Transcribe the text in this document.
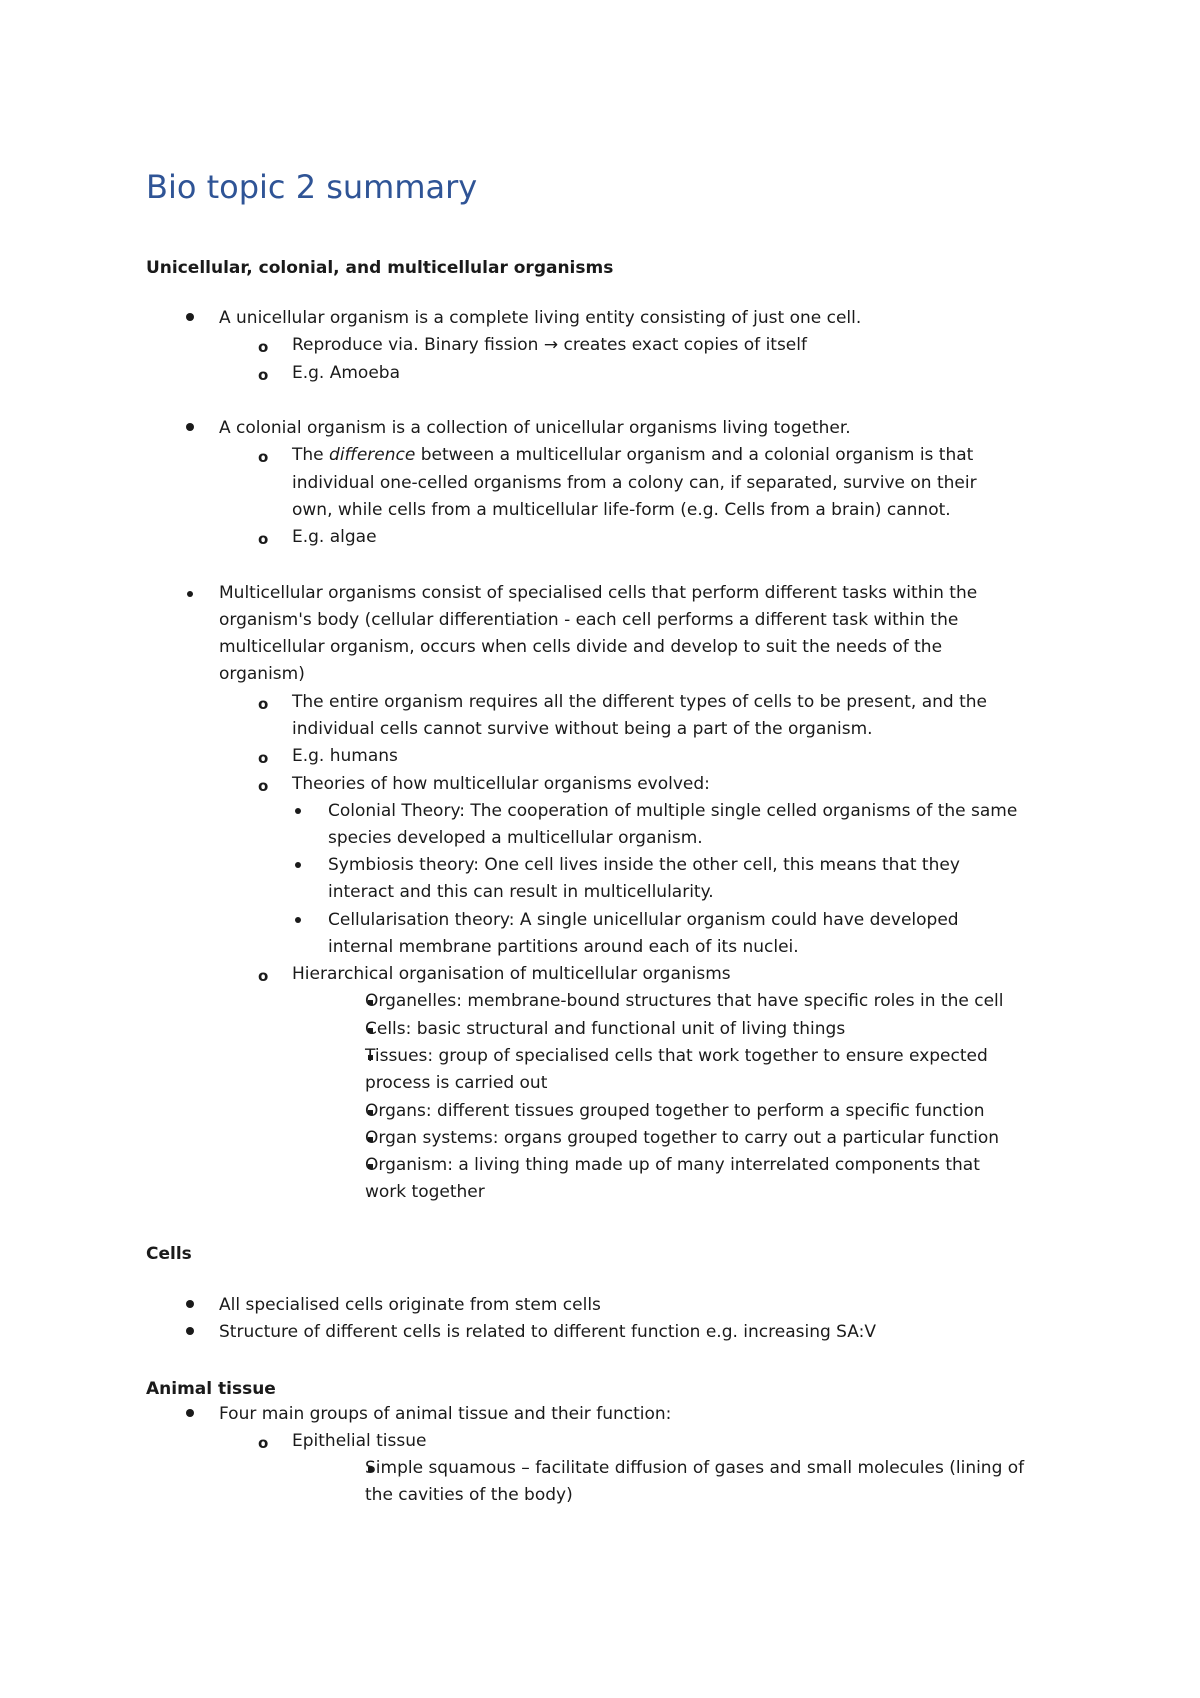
Bio topic 2 summary
Unicellular, colonial, and multicellular organisms
A unicellular organism is a complete living entity consisting of just one cell.
o Reproduce via. Binary fission → creates exact copies of itself
o E.g. Amoeba
A colonial organism is a collection of unicellular organisms living together.
o The difference between a multicellular organism and a colonial organism is that
individual one-celled organisms from a colony can, if separated, survive on their
own, while cells from a multicellular life-form (e.g. Cells from a brain) cannot.
o E.g. algae
Multicellular organisms consist of specialised cells that perform different tasks within the
organism's body (cellular differentiation - each cell performs a different task within the
multicellular organism, occurs when cells divide and develop to suit the needs of the
organism)
o The entire organism requires all the different types of cells to be present, and the
individual cells cannot survive without being a part of the organism.
o E.g. humans
o Theories of how multicellular organisms evolved:
Colonial Theory: The cooperation of multiple single celled organisms of the same
species developed a multicellular organism.
Symbiosis theory: One cell lives inside the other cell, this means that they
interact and this can result in multicellularity.
Cellularisation theory: A single unicellular organism could have developed
internal membrane partitions around each of its nuclei.
o Hierarchical organisation of multicellular organisms
Organelles: membrane-bound structures that have specific roles in the cell
Cells: basic structural and functional unit of living things
Tissues: group of specialised cells that work together to ensure expected
process is carried out
Organs: different tissues grouped together to perform a specific function
Organ systems: organs grouped together to carry out a particular function
Organism: a living thing made up of many interrelated components that
work together
Cells
All specialised cells originate from stem cells
Structure of different cells is related to different function e.g. increasing SA:V
Animal tissue
Four main groups of animal tissue and their function:
o Epithelial tissue
Simple squamous – facilitate diffusion of gases and small molecules (lining of
the cavities of the body)
